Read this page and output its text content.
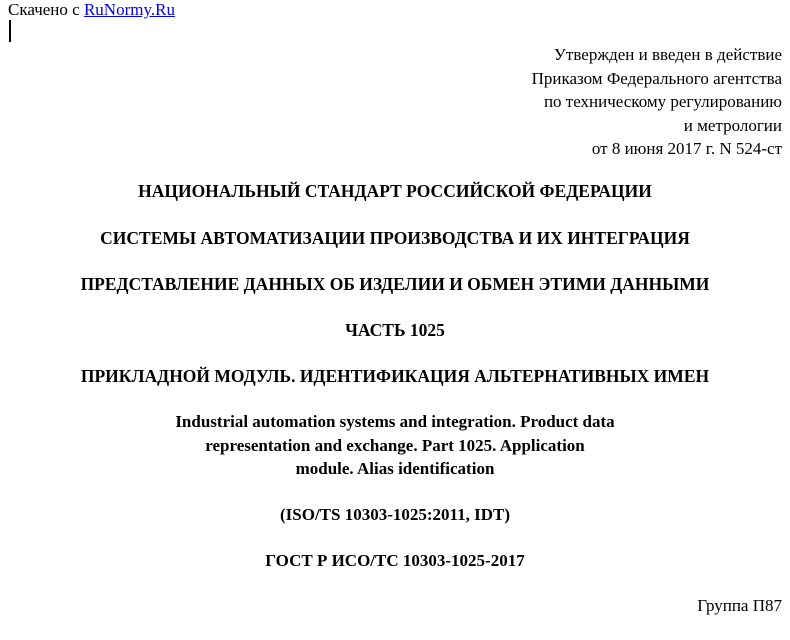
Скачено с RuNormy.Ru
Утвержден и введен в действие
Приказом Федерального агентства
по техническому регулированию
и метрологии
от 8 июня 2017 г. N 524-ст
НАЦИОНАЛЬНЫЙ СТАНДАРТ РОССИЙСКОЙ ФЕДЕРАЦИИ
СИСТЕМЫ АВТОМАТИЗАЦИИ ПРОИЗВОДСТВА И ИХ ИНТЕГРАЦИЯ
ПРЕДСТАВЛЕНИЕ ДАННЫХ ОБ ИЗДЕЛИИ И ОБМЕН ЭТИМИ ДАННЫМИ
ЧАСТЬ 1025
ПРИКЛАДНОЙ МОДУЛЬ. ИДЕНТИФИКАЦИЯ АЛЬТЕРНАТИВНЫХ ИМЕН
Industrial automation systems and integration. Product data
representation and exchange. Part 1025. Application
module. Alias identification
(ISO/TS 10303-1025:2011, IDT)
ГОСТ Р ИСО/ТС 10303-1025-2017
Группа П87
